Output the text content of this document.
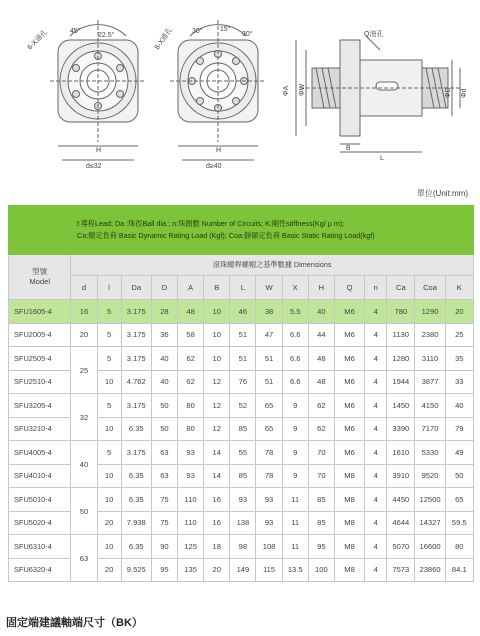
45°
22.5°
6-X通孔
H
d≤32
30° 15°
30°
8-X通孔
H
d≥40
Q油孔
ΦA ΦW	ΦD Φd
B
L
單位(Unit:mm)
l:導程Lead; Da :珠徑Ball dia.; n:珠圈數 Number of Circuits; K:剛性stiffness(Kg/ μ m);
Ca:額定負荷 Basic Dynamic Rating Load (Kgf); Coa:靜額定負荷 Basic Static Rating Load(kgf)															

型號
Model	滾珠螺桿螺帽之基準數據 Dimensions														
	d	l	Da	D	A	B	L	W	X	H	Q	n	Ca	Coa	K
SFU1605-4	16	5	3.175	28	48	10	46	38	5.5	40	M6	4	780	1290	20
SFU2005-4	20	5	3.175	36	58	10	51	47	6.6	44	M6	4	1130	2380	25
SFU2505-4	25	5	3.175	40	62	10	51	51	6.6	48	M6	4	1280	3110	35
SFU2510-4		10	4.762	40	62	12	76	51	6.6	48	M6	4	1944	3877	33
SFU3205-4	32	5	3.175	50	80	12	52	65	9	62	M6	4	1450	4150	40
SFU3210-4		10	6.35	50	80	12	85	65	9	62	M6	4	3390	7170	79
SFU4005-4	40	5	3.175	63	93	14	55	78	9	70	M6	4	1610	5330	49
SFU4010-4		10	6.35	63	93	14	85	78	9	70	M8	4	3910	9520	50
SFU5010-4	50	10	6.35	75	110	16	93	93	11	85	M8	4	4450	12500	65
SFU5020-4		20	7.938	75	110	16	138	93	11	85	M8	4	4644	14327	59.5
SFU6310-4	63	10	6.35	90	125	18	98	108	11	95	M8	4	5070	16600	80
SFU6320-4		20	9.525	95	135	20	149	115	13.5	100	M8	4	7573	23860	84.1
固定端建議軸端尺寸（BK）
